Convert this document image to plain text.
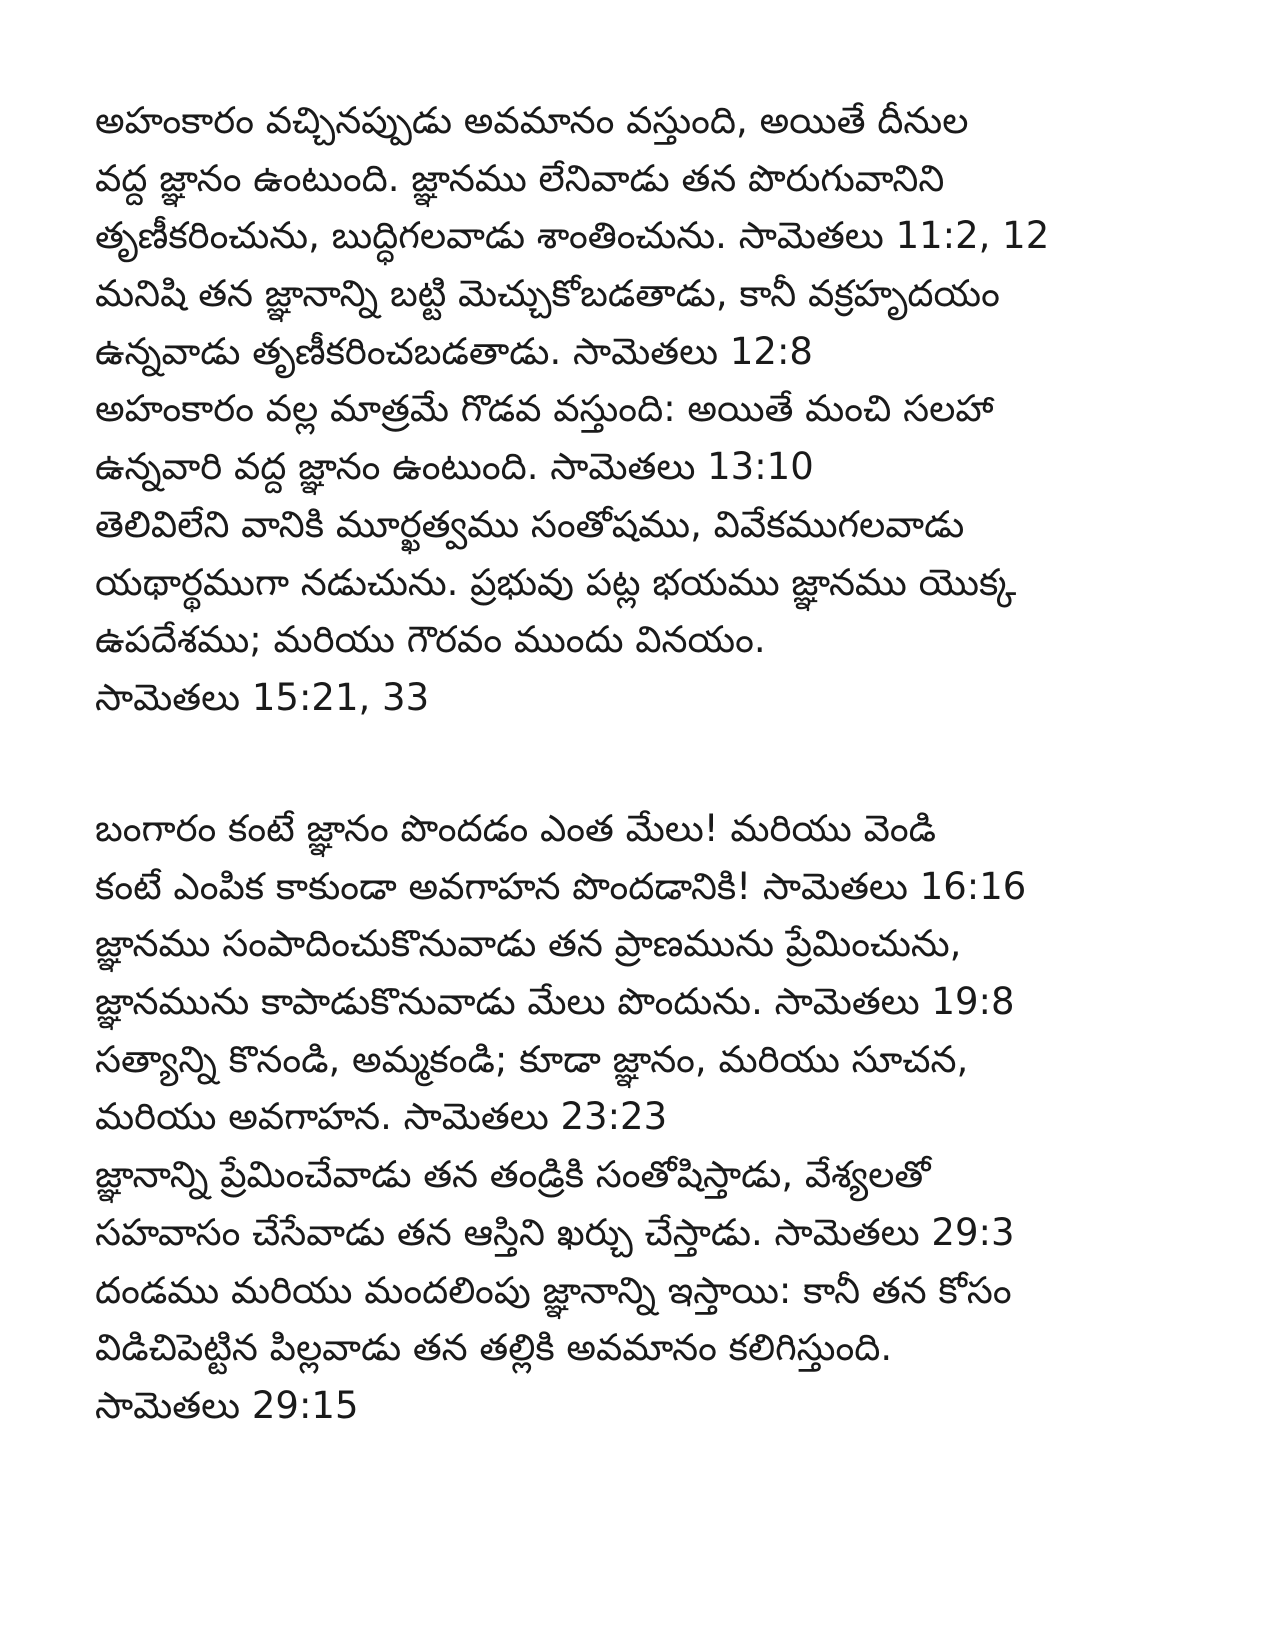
అహంకారం వచ్చినప్పుడు అవమానం వస్తుంది, అయితే దీనుల
వద్ద జ్ఞానం ఉంటుంది. జ్ఞానము లేనివాడు తన పొరుగువానిని
తృణీకరించును, బుద్ధిగలవాడు శాంతించును. సామెతలు 11:2, 12
మనిషి తన జ్ఞానాన్ని బట్టి మెచ్చుకోబడతాడు, కానీ వక్రహృదయం
ఉన్నవాడు తృణీకరించబడతాడు. సామెతలు 12:8
అహంకారం వల్ల మాత్రమే గొడవ వస్తుంది: అయితే మంచి సలహా
ఉన్నవారి వద్ద జ్ఞానం ఉంటుంది. సామెతలు 13:10
తెలివిలేని వానికి మూర్ఖత్వము సంతోషము, వివేకముగలవాడు
యథార్థముగా నడుచును. ప్రభువు పట్ల భయము జ్ఞానము యొక్క
ఉపదేశము; మరియు గౌరవం ముందు వినయం.
సామెతలు 15:21, 33
బంగారం కంటే జ్ఞానం పొందడం ఎంత మేలు! మరియు వెండి
కంటే ఎంపిక కాకుండా అవగాహన పొందడానికి! సామెతలు 16:16
జ్ఞానము సంపాదించుకొనువాడు తన ప్రాణమును ప్రేమించును,
జ్ఞానమును కాపాడుకొనువాడు మేలు పొందును. సామెతలు 19:8
సత్యాన్ని కొనండి, అమ్మకండి; కూడా జ్ఞానం, మరియు సూచన,
మరియు అవగాహన. సామెతలు 23:23
జ్ఞానాన్ని ప్రేమించేవాడు తన తండ్రికి సంతోషిస్తాడు, వేశ్యలతో
సహవాసం చేసేవాడు తన ఆస్తిని ఖర్చు చేస్తాడు. సామెతలు 29:3
దండము మరియు మందలింపు జ్ఞానాన్ని ఇస్తాయి: కానీ తన కోసం
విడిచిపెట్టిన పిల్లవాడు తన తల్లికి అవమానం కలిగిస్తుంది.
సామెతలు 29:15
